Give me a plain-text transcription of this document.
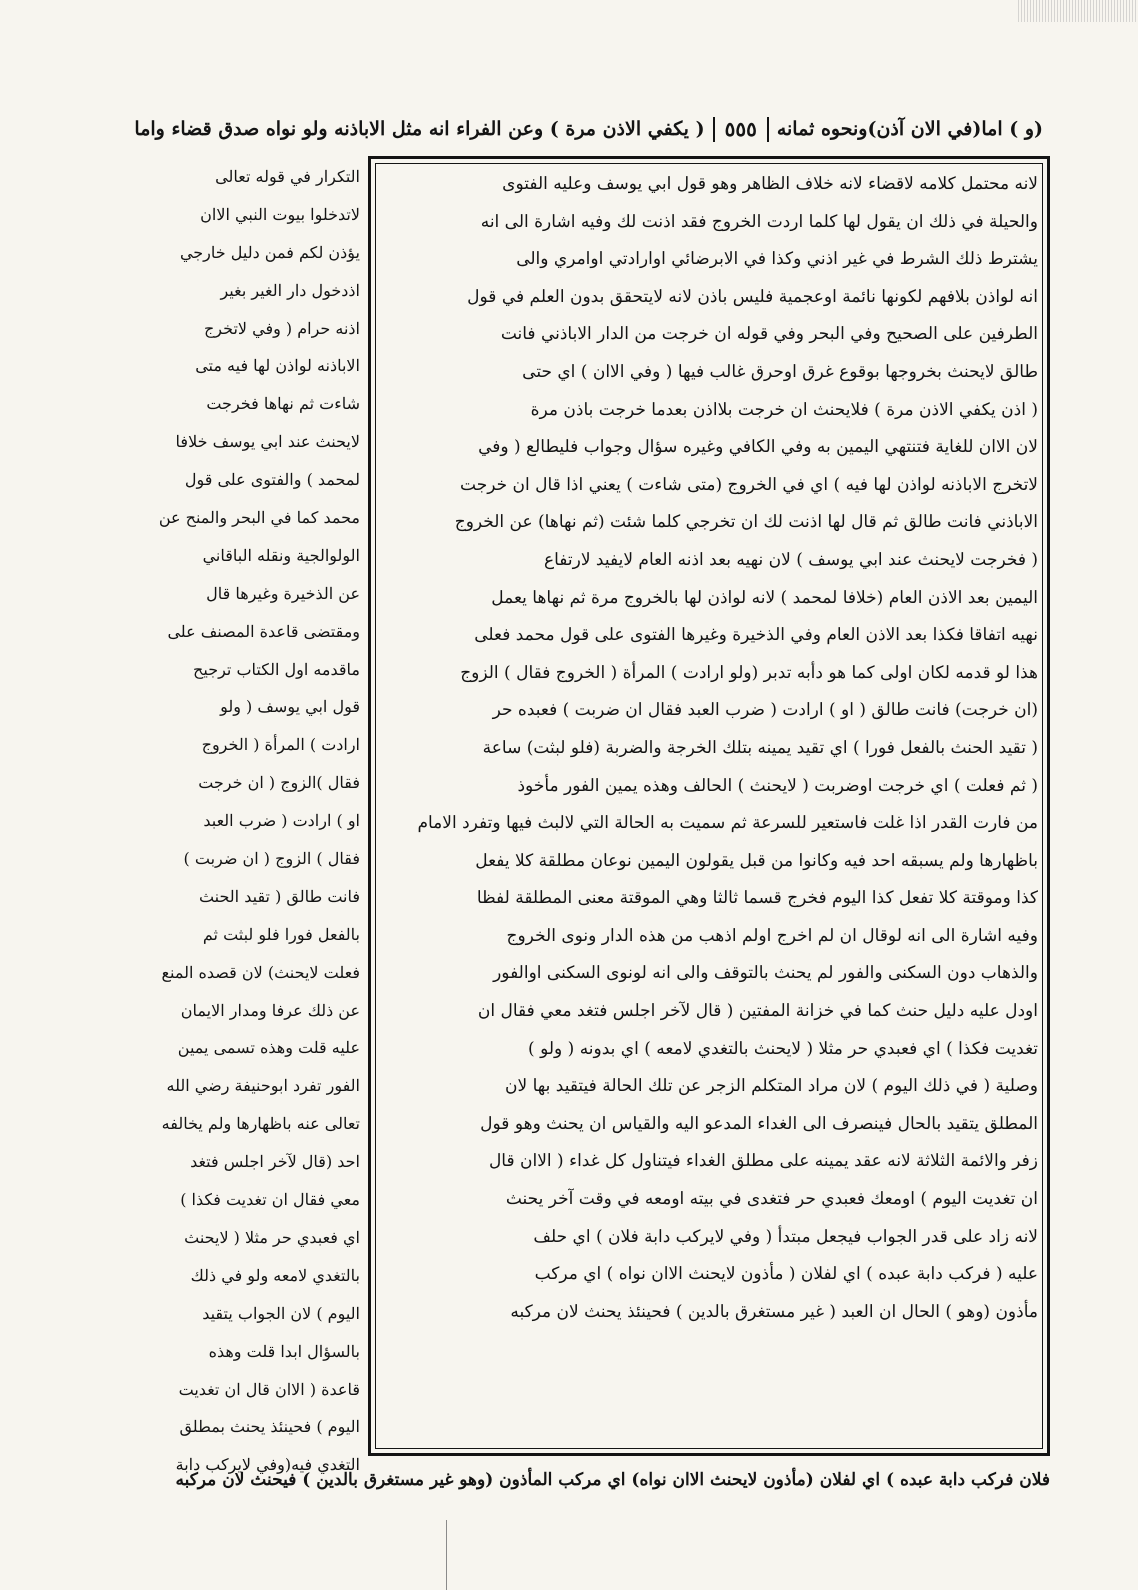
(و ) اما(في الان آذن)ونحوه ثمانه
٥٥٥
( يكفي الاذن مرة ) وعن الفراء انه مثل الاباذنه ولو نواه صدق قضاء واما
لانه محتمل كلامه لاقضاء لانه خلاف الظاهر وهو قول ابي يوسف وعليه الفتوى
والحيلة في ذلك ان يقول لها كلما اردت الخروج فقد اذنت لك وفيه اشارة الى انه
يشترط ذلك الشرط في غير اذني وكذا في الابرضائي اوارادتي اوامري والى
انه لواذن بلافهم لكونها نائمة اوعجمية فليس باذن لانه لايتحقق بدون العلم في قول
الطرفين على الصحيح وفي البحر وفي قوله ان خرجت من الدار الاباذني فانت
طالق لايحنث بخروجها بوقوع غرق اوحرق غالب فيها ( وفي الاان ) اي حتى
( اذن يكفي الاذن مرة ) فلايحنث ان خرجت بلااذن بعدما خرجت باذن مرة
لان الاان للغاية فتنتهي اليمين به وفي الكافي وغيره سؤال وجواب فليطالع ( وفي
لاتخرج الاباذنه لواذن لها فيه ) اي في الخروج (متى شاءت ) يعني اذا قال ان خرجت
الاباذني فانت طالق ثم قال لها اذنت لك ان تخرجي كلما شئت (ثم نهاها) عن الخروج
( فخرجت لايحنث عند ابي يوسف ) لان نهيه بعد اذنه العام لايفيد لارتفاع
اليمين بعد الاذن العام (خلافا لمحمد ) لانه لواذن لها بالخروج مرة ثم نهاها يعمل
نهيه اتفاقا فكذا بعد الاذن العام وفي الذخيرة وغيرها الفتوى على قول محمد فعلى
هذا لو قدمه لكان اولى كما هو دأبه تدبر (ولو ارادت ) المرأة ( الخروج فقال ) الزوج
(ان خرجت) فانت طالق ( او ) ارادت ( ضرب العبد فقال ان ضربت ) فعبده حر
( تقيد الحنث بالفعل فورا ) اي تقيد يمينه بتلك الخرجة والضربة (فلو لبثت) ساعة
( ثم فعلت ) اي خرجت اوضربت ( لايحنث ) الحالف وهذه يمين الفور مأخوذ
من فارت القدر اذا غلت فاستعير للسرعة ثم سميت به الحالة التي لالبث فيها وتفرد الامام
باظهارها ولم يسبقه احد فيه وكانوا من قبل يقولون اليمين نوعان مطلقة كلا يفعل
كذا وموقتة كلا تفعل كذا اليوم فخرج قسما ثالثا وهي الموقتة معنى المطلقة لفظا
وفيه اشارة الى انه لوقال ان لم اخرج اولم اذهب من هذه الدار ونوى الخروج
والذهاب دون السكنى والفور لم يحنث بالتوقف والى انه لونوى السكنى اوالفور
اودل عليه دليل حنث كما في خزانة المفتين ( قال لآخر اجلس فتغد معي فقال ان
تغديت فكذا ) اي فعبدي حر مثلا ( لايحنث بالتغدي لامعه ) اي بدونه ( ولو )
وصلية ( في ذلك اليوم ) لان مراد المتكلم الزجر عن تلك الحالة فيتقيد بها لان
المطلق يتقيد بالحال فينصرف الى الغداء المدعو اليه والقياس ان يحنث وهو قول
زفر والائمة الثلاثة لانه عقد يمينه على مطلق الغداء فيتناول كل غداء ( الاان قال
ان تغديت اليوم ) اومعك فعبدي حر فتغدى في بيته اومعه في وقت آخر يحنث
لانه زاد على قدر الجواب فيجعل مبتدأ ( وفي لايركب دابة فلان ) اي حلف
عليه ( فركب دابة عبده ) اي لفلان ( مأذون لايحنث الاان نواه ) اي مركب
مأذون (وهو ) الحال ان العبد ( غير مستغرق بالدين ) فحينئذ يحنث لان مركبه
التكرار في قوله تعالى
لاتدخلوا بيوت النبي الاان
يؤذن لكم فمن دليل خارجي
اذدخول دار الغير بغير
اذنه حرام ( وفي لاتخرج
الاباذنه لواذن لها فيه متى
شاءت ثم نهاها فخرجت
لايحنث عند ابي يوسف خلافا
لمحمد ) والفتوى على قول
محمد كما في البحر والمنح عن
الولوالجية ونقله الباقاني
عن الذخيرة وغيرها قال
ومقتضى قاعدة المصنف على
ماقدمه اول الكتاب ترجيح
قول ابي يوسف ( ولو
ارادت ) المرأة ( الخروج
فقال )الزوج ( ان خرجت
او ) ارادت ( ضرب العبد
فقال ) الزوج ( ان ضربت )
فانت طالق ( تقيد الحنث
بالفعل فورا فلو لبثت ثم
فعلت لايحنث) لان قصده المنع
عن ذلك عرفا ومدار الايمان
عليه قلت وهذه تسمى يمين
الفور تفرد ابوحنيفة رضي الله
تعالى عنه باظهارها ولم يخالفه
احد (قال لآخر اجلس فتغد
معي فقال ان تغديت فكذا )
اي فعبدي حر مثلا ( لايحنث
بالتغدي لامعه ولو في ذلك
اليوم ) لان الجواب يتقيد
بالسؤال ابدا قلت وهذه
قاعدة ( الاان قال ان تغديت
اليوم ) فحينئذ يحنث بمطلق
التغدي فيه(وفي لايركب دابة
فلان فركب دابة عبده ) اي لفلان (مأذون لايحنث الاان نواه) اي مركب المأذون (وهو غير مستغرق بالدين ) فيحنث لان مركبه
